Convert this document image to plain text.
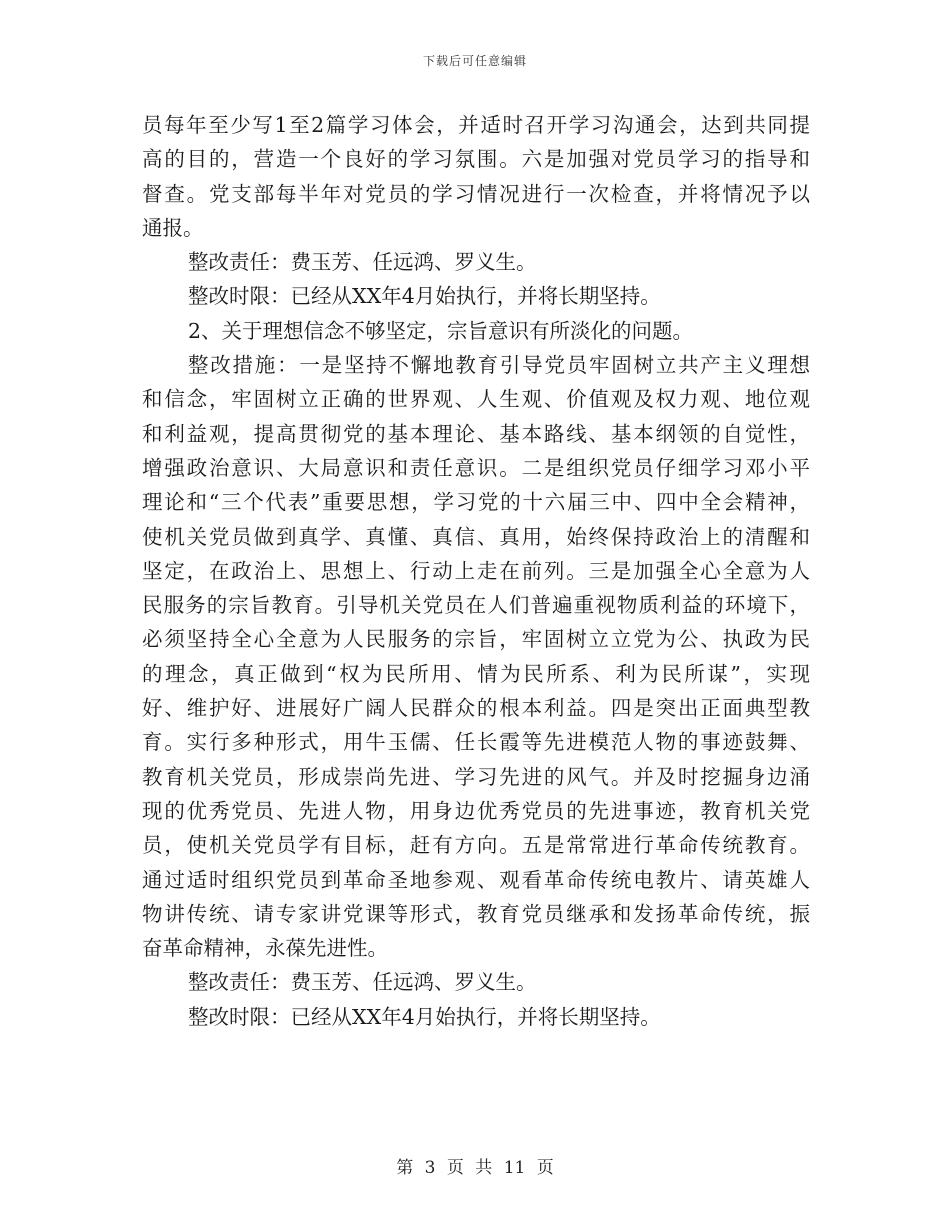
下载后可任意编辑
员每年至少写1至2篇学习体会，并适时召开学习沟通会，达到共同提
高的目的，营造一个良好的学习氛围。六是加强对党员学习的指导和
督查。党支部每半年对党员的学习情况进行一次检查，并将情况予以
通报。
整改责任：费玉芳、任远鸿、罗义生。
整改时限：已经从XX年4月始执行，并将长期坚持。
2、关于理想信念不够坚定，宗旨意识有所淡化的问题。
整改措施：一是坚持不懈地教育引导党员牢固树立共产主义理想
和信念，牢固树立正确的世界观、人生观、价值观及权力观、地位观
和利益观，提高贯彻党的基本理论、基本路线、基本纲领的自觉性，
增强政治意识、大局意识和责任意识。二是组织党员仔细学习邓小平
理论和“三个代表”重要思想，学习党的十六届三中、四中全会精神，
使机关党员做到真学、真懂、真信、真用，始终保持政治上的清醒和
坚定，在政治上、思想上、行动上走在前列。三是加强全心全意为人
民服务的宗旨教育。引导机关党员在人们普遍重视物质利益的环境下，
必须坚持全心全意为人民服务的宗旨，牢固树立立党为公、执政为民
的理念，真正做到“权为民所用、情为民所系、利为民所谋”，实现
好、维护好、进展好广阔人民群众的根本利益。四是突出正面典型教
育。实行多种形式，用牛玉儒、任长霞等先进模范人物的事迹鼓舞、
教育机关党员，形成崇尚先进、学习先进的风气。并及时挖掘身边涌
现的优秀党员、先进人物，用身边优秀党员的先进事迹，教育机关党
员，使机关党员学有目标，赶有方向。五是常常进行革命传统教育。
通过适时组织党员到革命圣地参观、观看革命传统电教片、请英雄人
物讲传统、请专家讲党课等形式，教育党员继承和发扬革命传统，振
奋革命精神，永葆先进性。
整改责任：费玉芳、任远鸿、罗义生。
整改时限：已经从XX年4月始执行，并将长期坚持。
第 3 页 共 11 页
